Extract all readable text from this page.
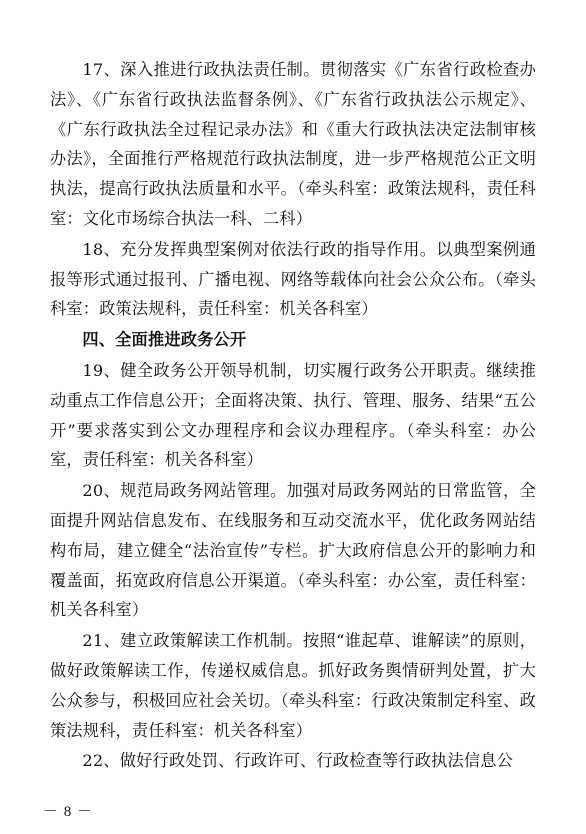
17、深入推进行政执法责任制。贯彻落实《广东省行政检查办法》、《广东省行政执法监督条例》、《广东省行政执法公示规定》、《广东行政执法全过程记录办法》和《重大行政执法决定法制审核办法》，全面推行严格规范行政执法制度，进一步严格规范公正文明执法，提高行政执法质量和水平。（牵头科室：政策法规科，责任科室：文化市场综合执法一科、二科）

18、充分发挥典型案例对依法行政的指导作用。以典型案例通报等形式通过报刊、广播电视、网络等载体向社会公众公布。（牵头科室：政策法规科，责任科室：机关各科室）

四、全面推进政务公开

19、健全政务公开领导机制，切实履行政务公开职责。继续推动重点工作信息公开；全面将决策、执行、管理、服务、结果“五公开”要求落实到公文办理程序和会议办理程序。（牵头科室：办公室，责任科室：机关各科室）

20、规范局政务网站管理。加强对局政务网站的日常监管，全面提升网站信息发布、在线服务和互动交流水平，优化政务网站结构布局，建立健全“法治宣传”专栏。扩大政府信息公开的影响力和覆盖面，拓宽政府信息公开渠道。（牵头科室：办公室，责任科室：机关各科室）

21、建立政策解读工作机制。按照“谁起草、谁解读”的原则，做好政策解读工作，传递权威信息。抓好政务舆情研判处置，扩大公众参与，积极回应社会关切。（牵头科室：行政决策制定科室、政策法规科，责任科室：机关各科室）

22、做好行政处罚、行政许可、行政检查等行政执法信息公

－ 8 －
